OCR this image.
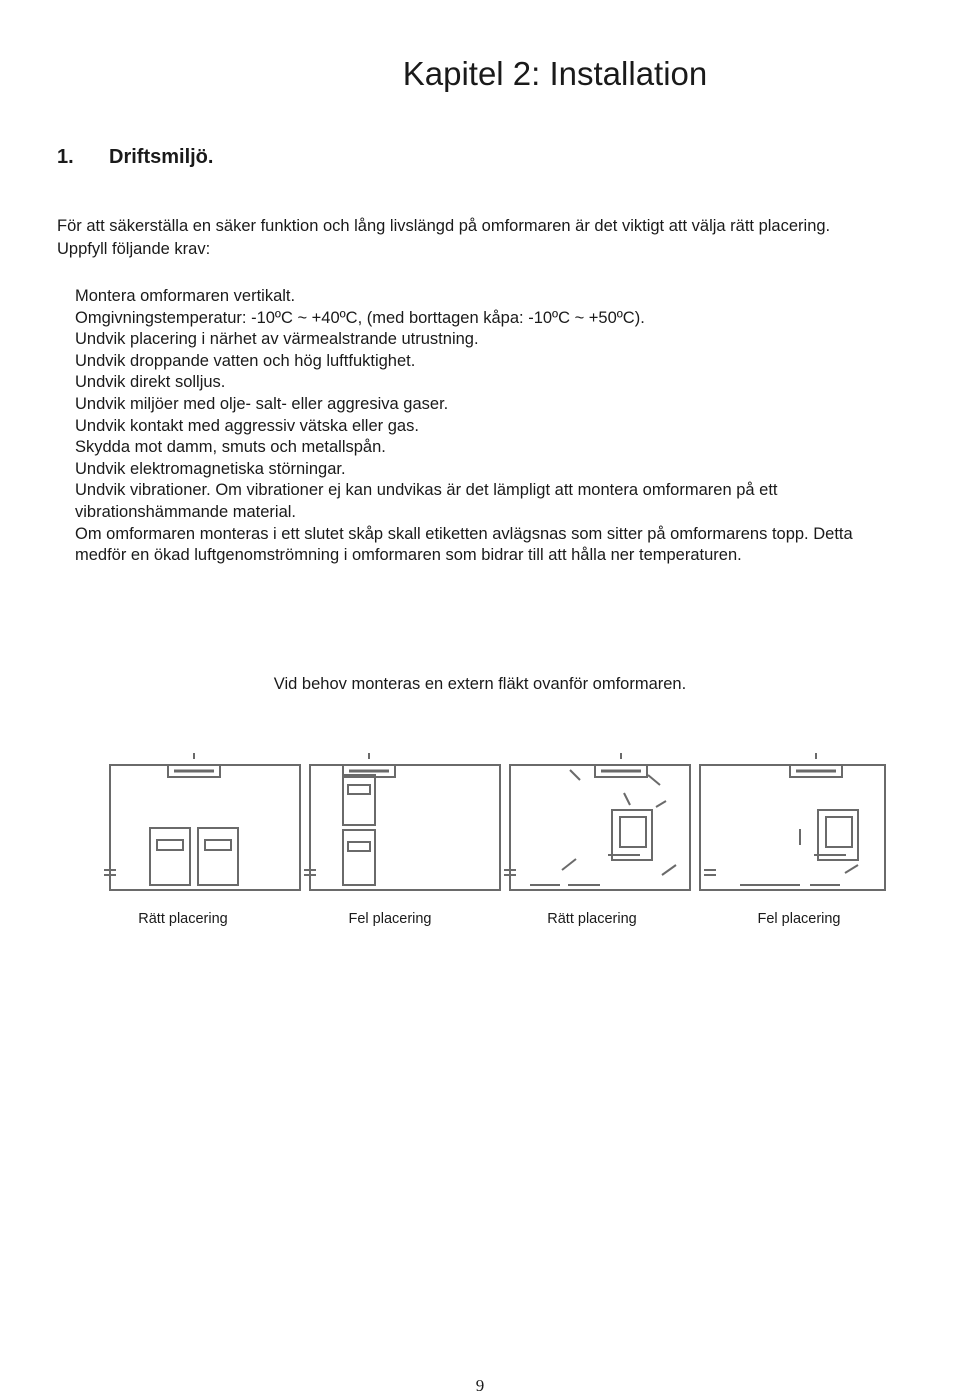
Kapitel 2: Installation
1. Driftsmiljö.

För att säkerställa en säker funktion och lång livslängd på omformaren är det viktigt att välja rätt placering.

Uppfyll följande krav:

Montera omformaren vertikalt.
Omgivningstemperatur: -10ºC ~ +40ºC, (med borttagen kåpa: -10ºC ~ +50ºC).
Undvik placering i närhet av värmealstrande utrustning.
Undvik droppande vatten och hög luftfuktighet.
Undvik direkt solljus.
Undvik miljöer med olje- salt- eller aggresiva gaser.
Undvik kontakt med aggressiv vätska eller gas.
Skydda mot damm, smuts och metallspån.
Undvik elektromagnetiska störningar.
Undvik vibrationer. Om vibrationer ej kan undvikas är det lämpligt att montera omformaren på ett vibrationshämmande material.
Om omformaren monteras i ett slutet skåp skall etiketten avlägsnas som sitter på omformarens topp. Detta medför en ökad luftgenomströmning i omformaren som bidrar till att hålla ner temperaturen.

Vid behov monteras en extern fläkt ovanför omformaren.

Rätt placering	Fel placering	Rätt placering	Fel placering

9
